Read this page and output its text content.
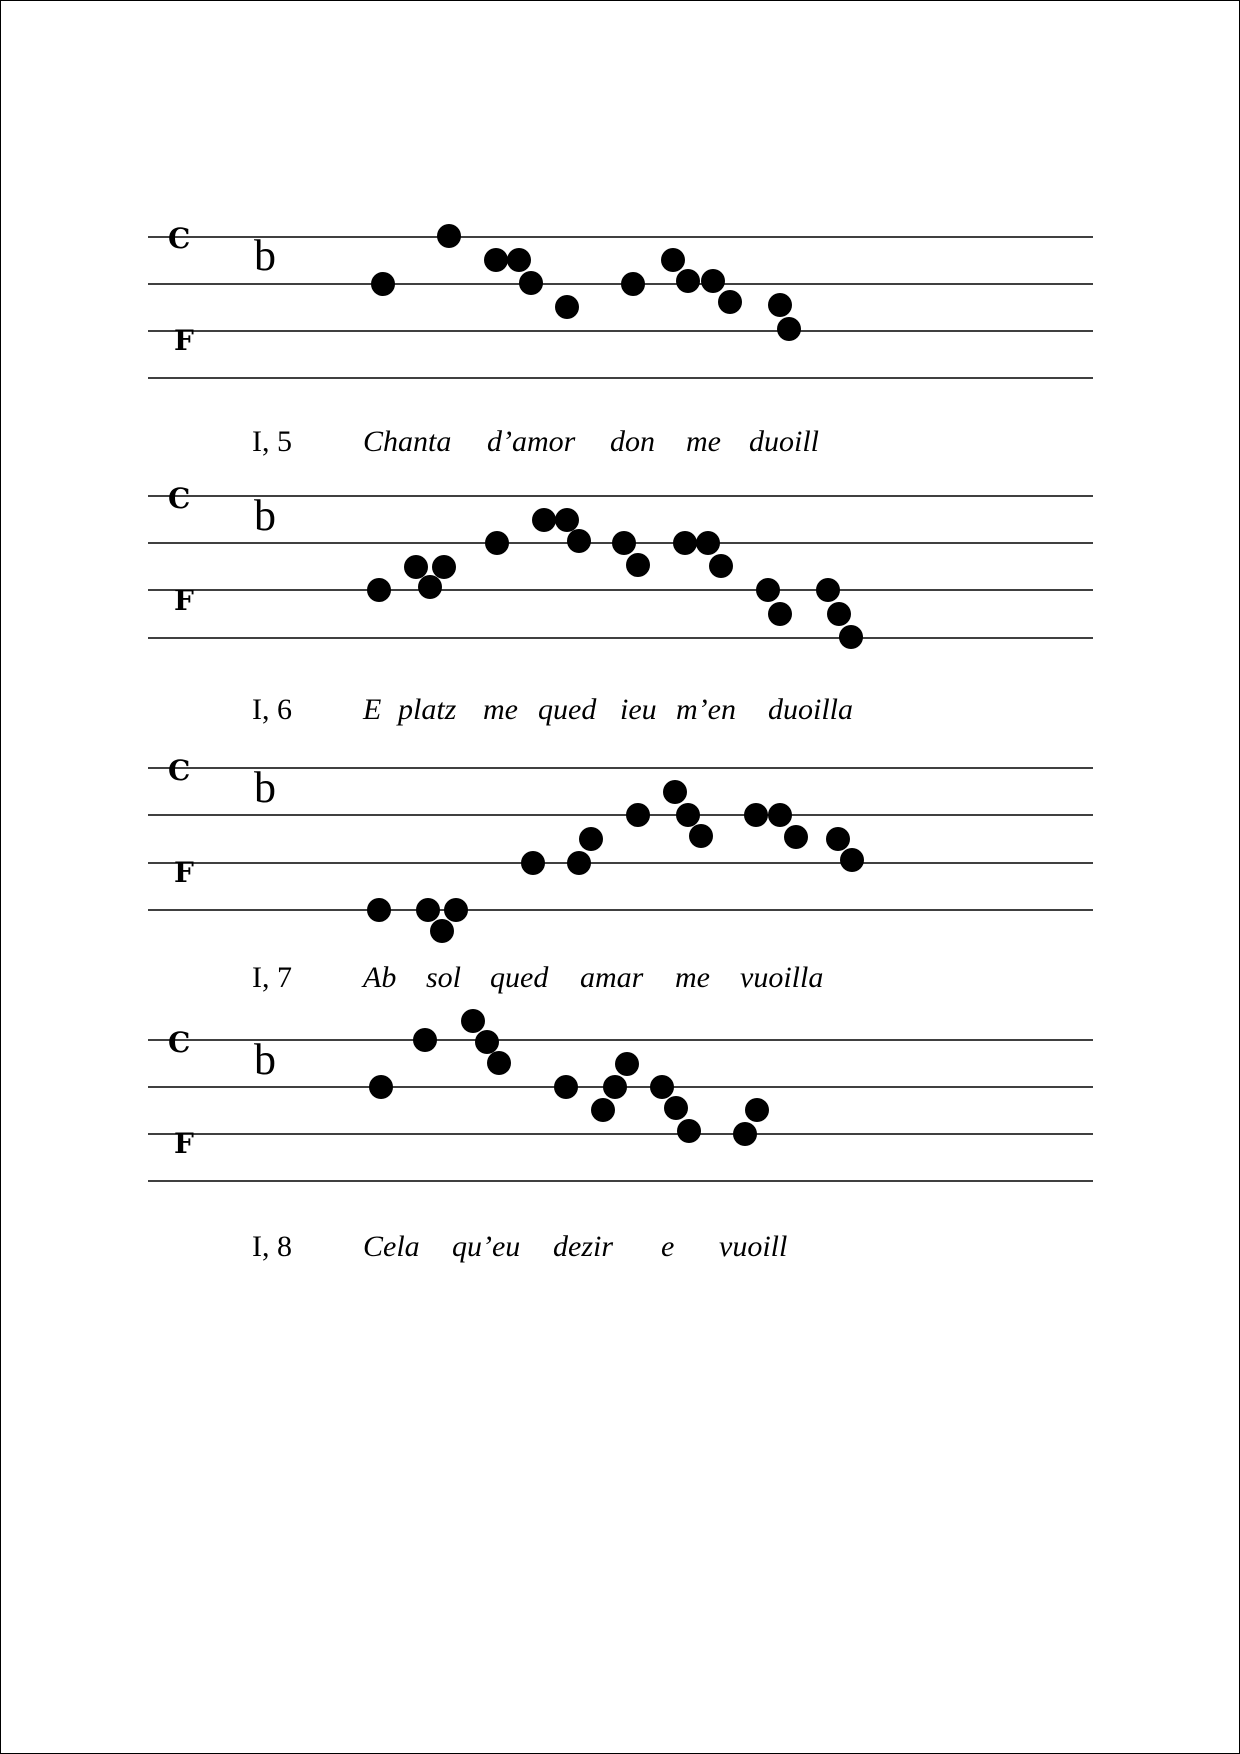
C
F
b
C
F
b
C
F
b
C
F
b
I, 5 Chanta d’amor don me duoill
I, 6 E platz me qued ieu m’en duoilla
I, 7 Ab sol qued amar me vuoilla
I, 8 Cela qu’eu dezir e vuoill
